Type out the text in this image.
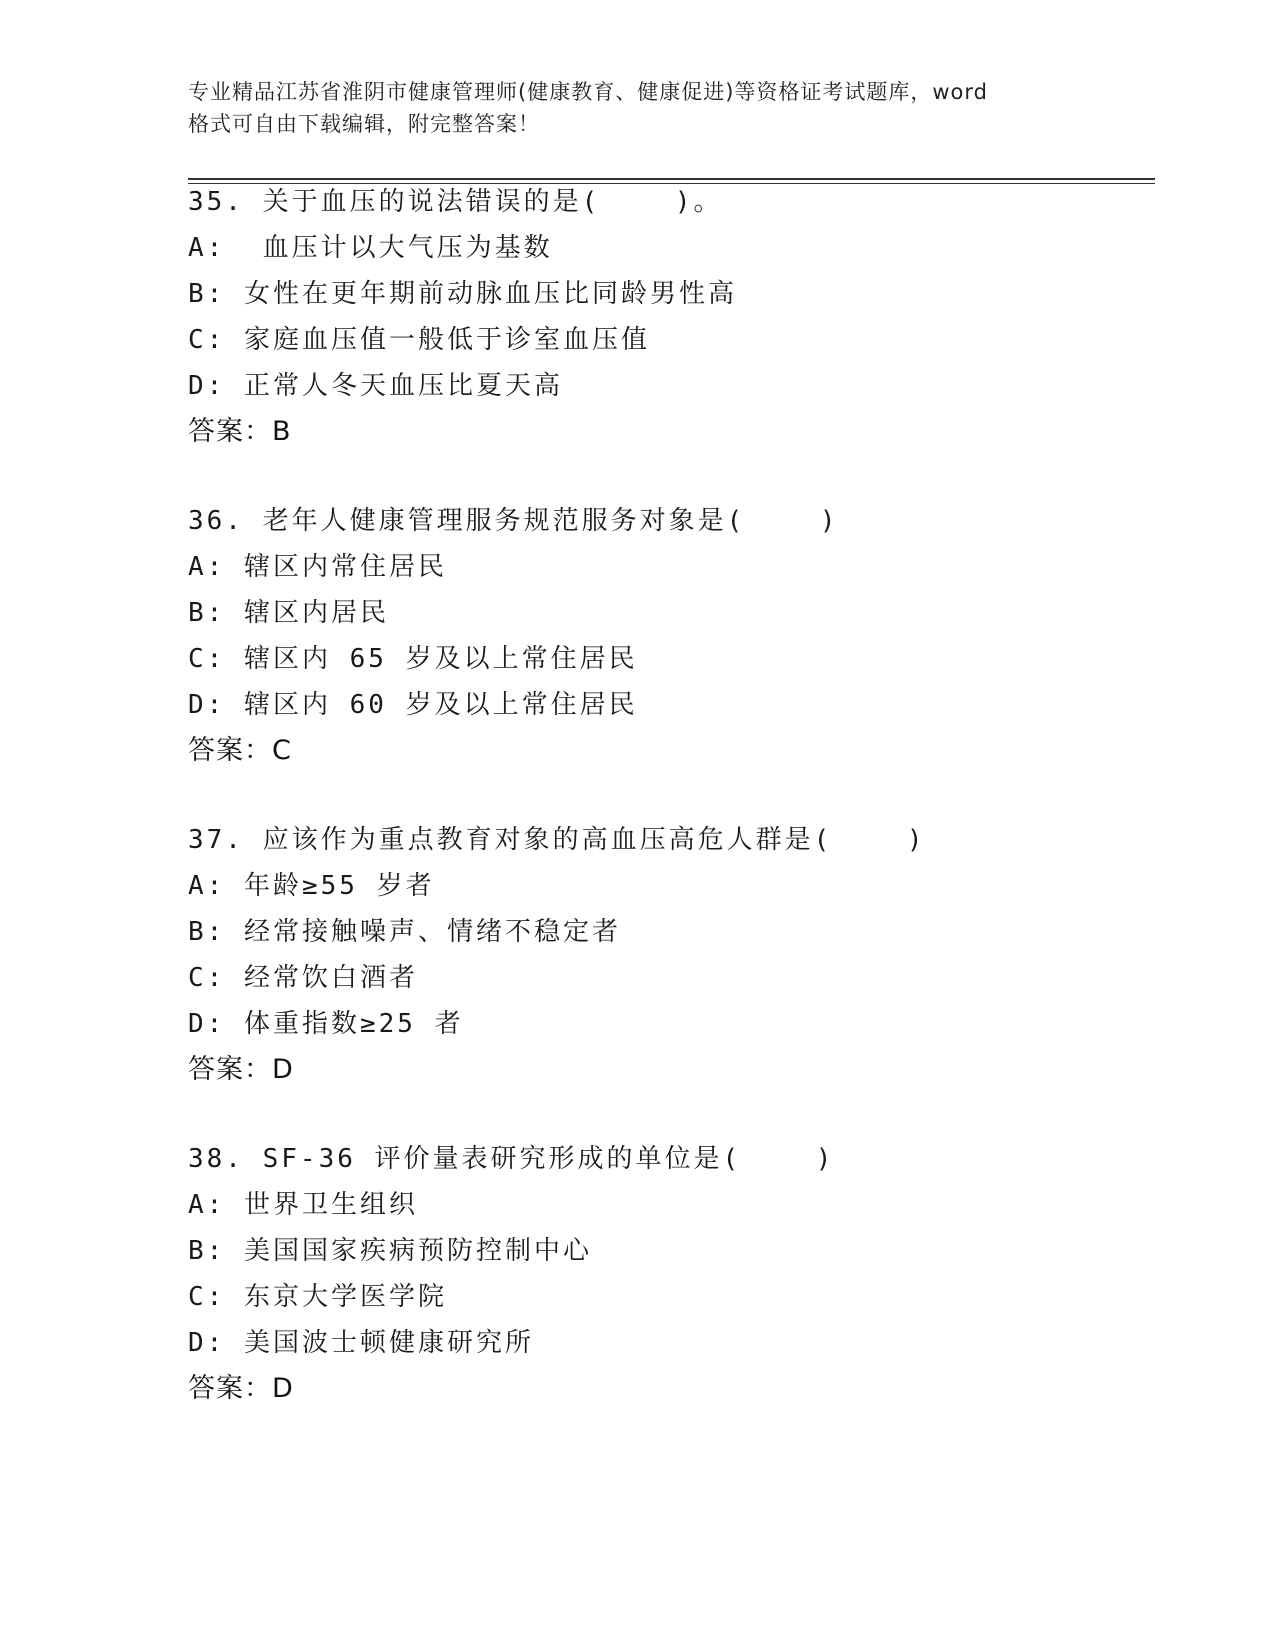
专业精品江苏省淮阴市健康管理师(健康教育、健康促进)等资格证考试题库，word
格式可自由下载编辑，附完整答案！
35. 关于血压的说法错误的是(    )。
A:  血压计以大气压为基数
B: 女性在更年期前动脉血压比同龄男性高
C: 家庭血压值一般低于诊室血压值
D: 正常人冬天血压比夏天高
答案：B
36. 老年人健康管理服务规范服务对象是(    )
A: 辖区内常住居民
B: 辖区内居民
C: 辖区内 65 岁及以上常住居民
D: 辖区内 60 岁及以上常住居民
答案：C
37. 应该作为重点教育对象的高血压高危人群是(    )
A: 年龄≥55 岁者
B: 经常接触噪声、情绪不稳定者
C: 经常饮白酒者
D: 体重指数≥25 者
答案：D
38. SF-36 评价量表研究形成的单位是(    )
A: 世界卫生组织
B: 美国国家疾病预防控制中心
C: 东京大学医学院
D: 美国波士顿健康研究所
答案：D
